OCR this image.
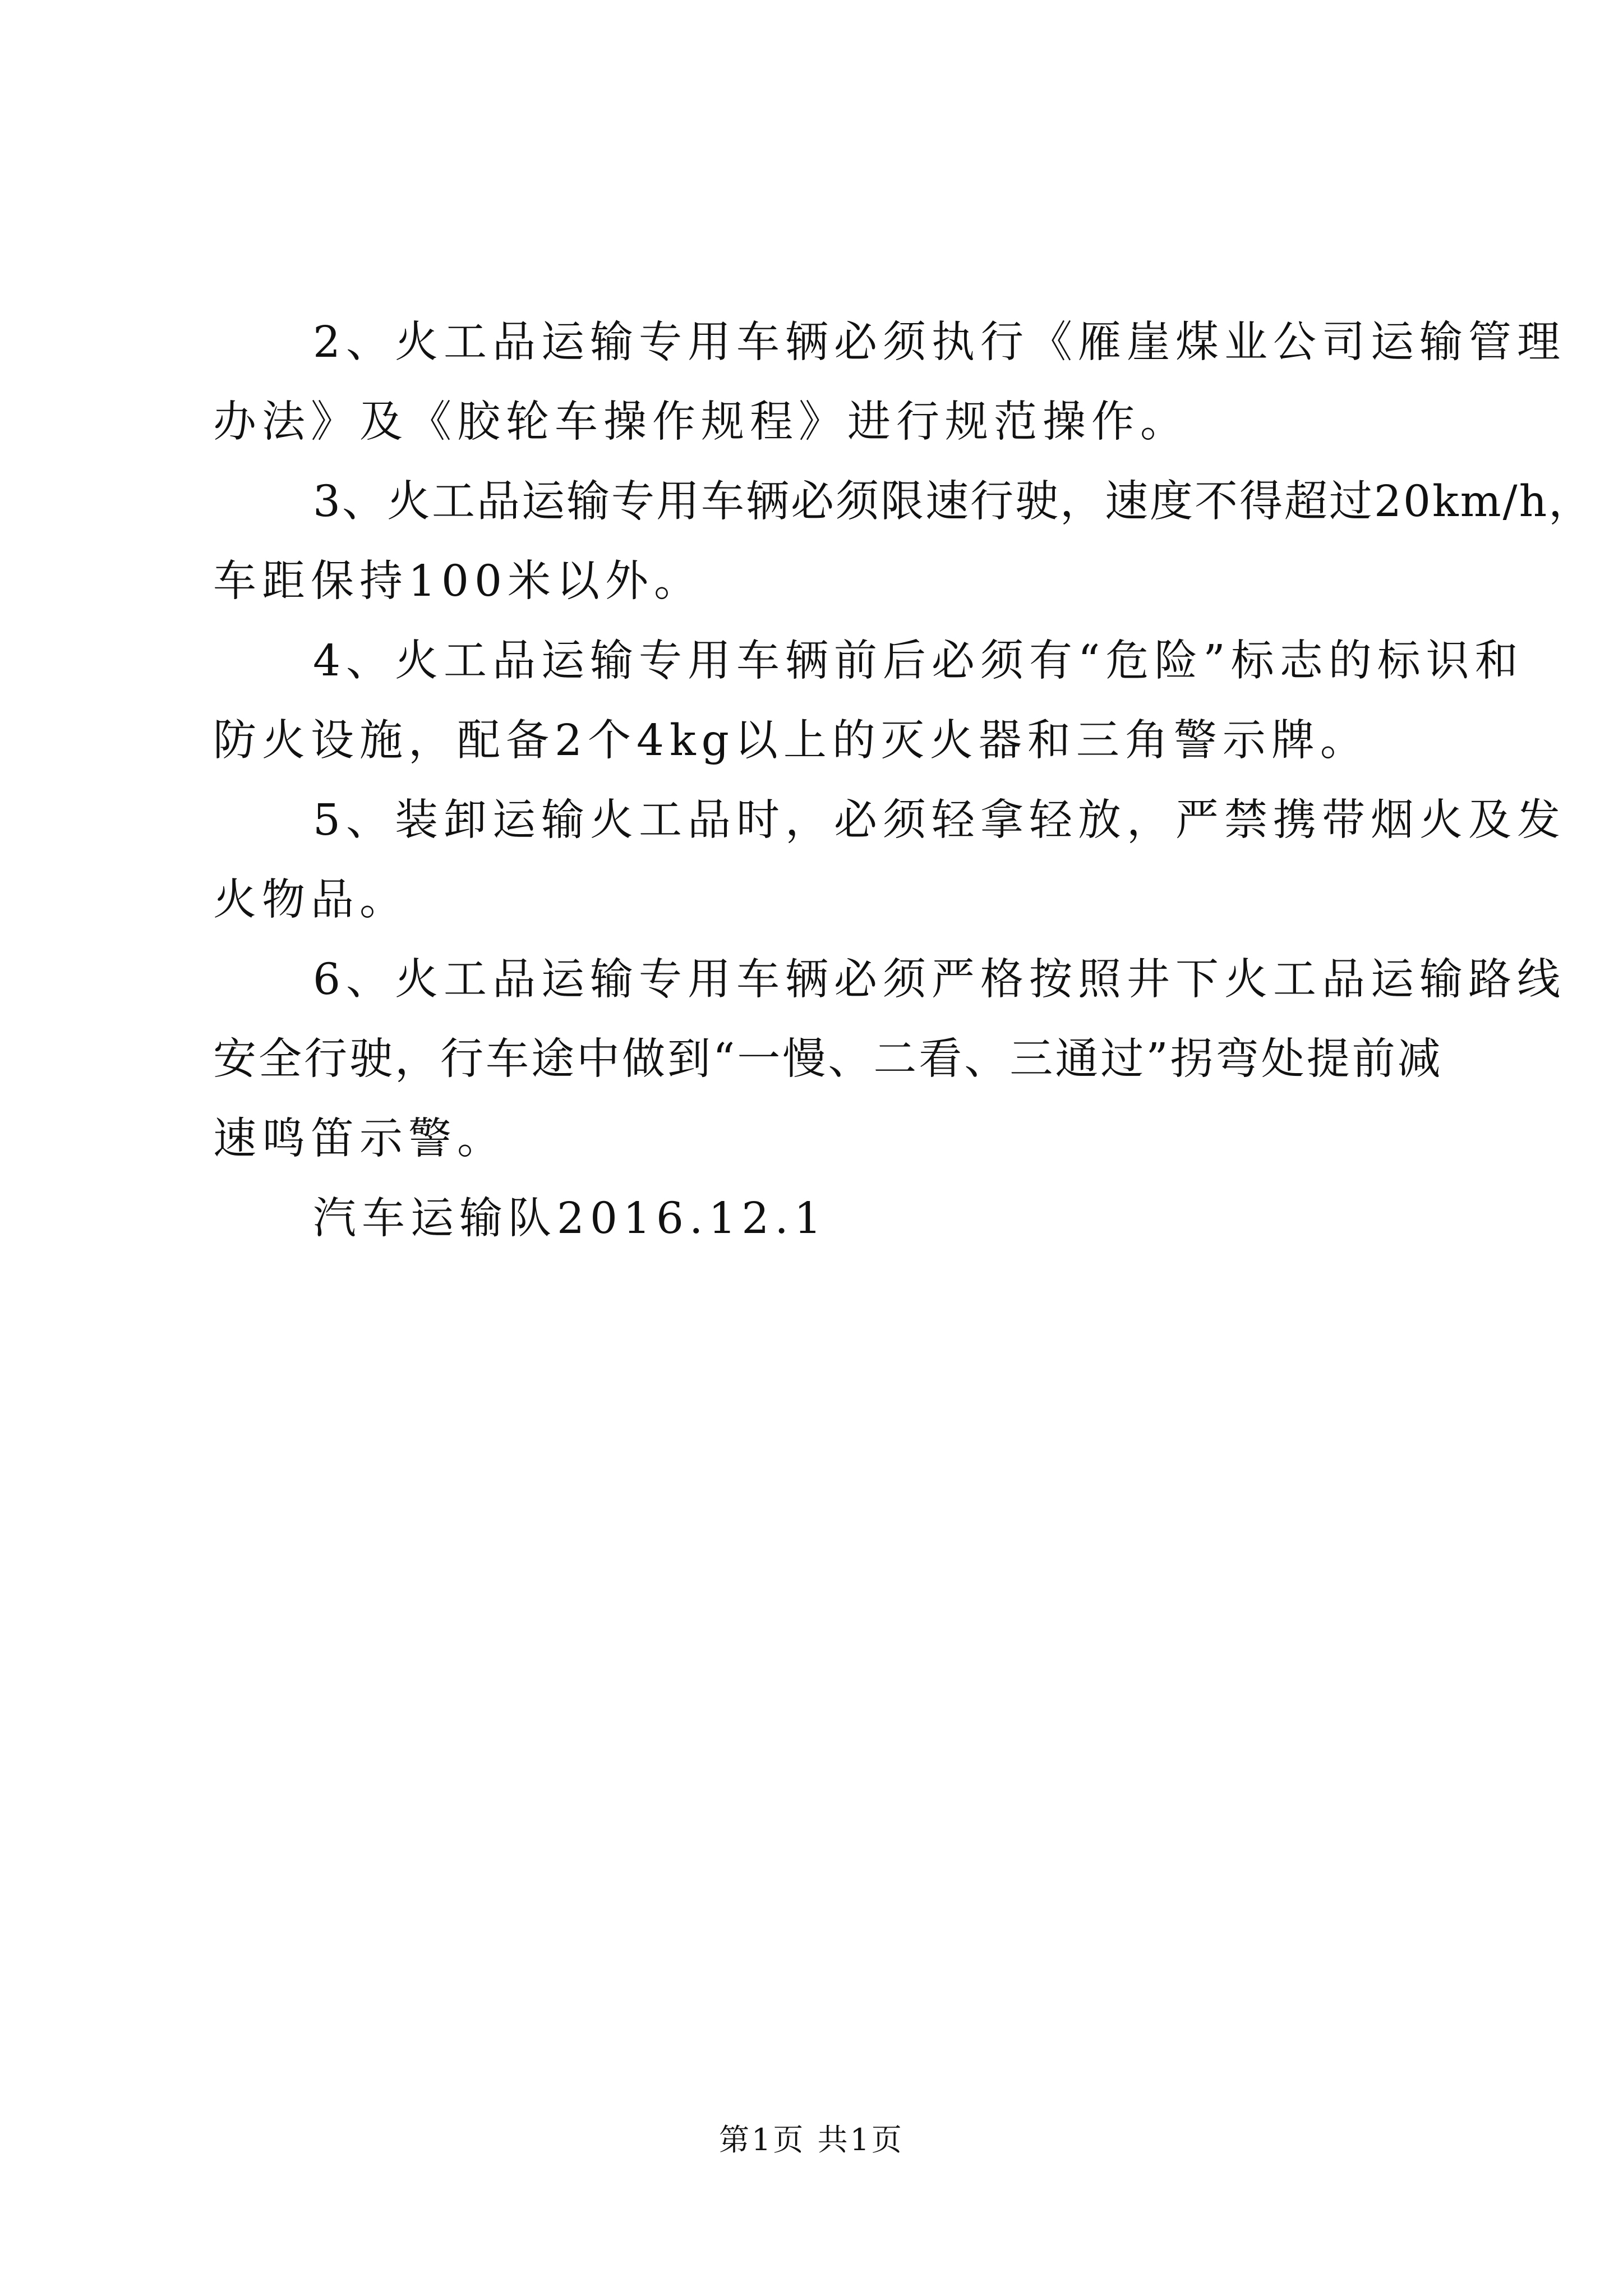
2、火工品运输专用车辆必须执行《雁崖煤业公司运输管理
办法》及《胶轮车操作规程》进行规范操作。
3、火工品运输专用车辆必须限速行驶，速度不得超过20km/h，
车距保持100米以外。
4、火工品运输专用车辆前后必须有“危险”标志的标识和
防火设施，配备2个4kg以上的灭火器和三角警示牌。
5、装卸运输火工品时，必须轻拿轻放，严禁携带烟火及发
火物品。
6、火工品运输专用车辆必须严格按照井下火工品运输路线
安全行驶，行车途中做到“一慢、二看、三通过”拐弯处提前减
速鸣笛示警。
汽车运输队2016.12.1
第1页 共1页
